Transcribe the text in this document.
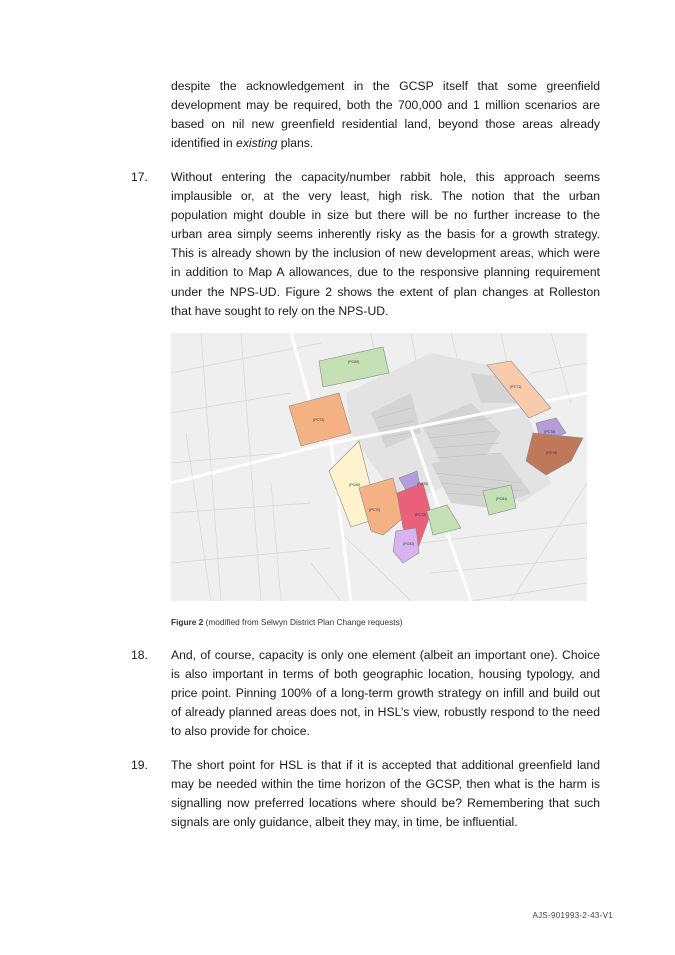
despite the acknowledgement in the GCSP itself that some greenfield
development may be required, both the 700,000 and 1 million scenarios are
based on nil new greenfield residential land, beyond those areas already
identified in existing plans.
17. Without entering the capacity/number rabbit hole, this approach seems
implausible or, at the very least, high risk. The notion that the urban
population might double in size but there will be no further increase to the
urban area simply seems inherently risky as the basis for a growth strategy.
This is already shown by the inclusion of new development areas, which were
in addition to Map A allowances, due to the responsive planning requirement
under the NPS-UD. Figure 2 shows the extent of plan changes at Rolleston
that have sought to rely on the NPS-UD.
(PC80)
(PC71)
(PC73)
(PC75)
(PC78)
(PC66)	(PC76)
(PC72)
(PC81)
(PC82)
(PC70)
Figure 2 (modified from Selwyn District Plan Change requests)
18. And, of course, capacity is only one element (albeit an important one). Choice
is also important in terms of both geographic location, housing typology, and
price point. Pinning 100% of a long-term growth strategy on infill and build out
of already planned areas does not, in HSL’s view, robustly respond to the need
to also provide for choice.
19. The short point for HSL is that if it is accepted that additional greenfield land
may be needed within the time horizon of the GCSP, then what is the harm is
signalling now preferred locations where should be? Remembering that such
signals are only guidance, albeit they may, in time, be influential.
AJS-901993-2-43-V1
